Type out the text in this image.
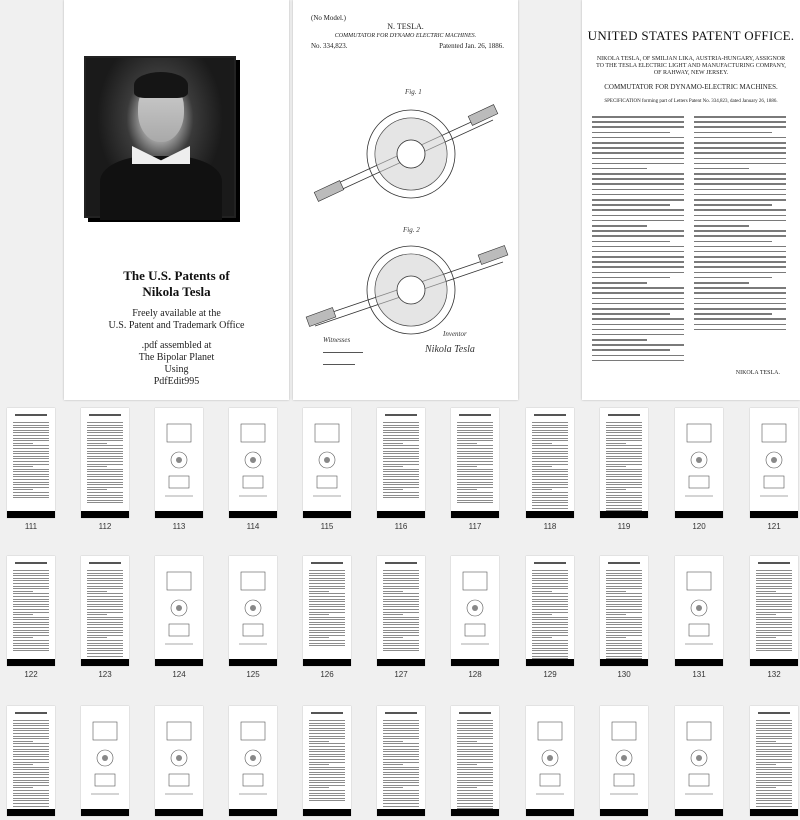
The U.S. Patents of
Nikola Tesla
Freely available at the
U.S. Patent and Trademark Office
.pdf assembled at
The Bipolar Planet
Using
PdfEdit995
(No Model.)
N. TESLA.
COMMUTATOR FOR DYNAMO ELECTRIC MACHINES.
No. 334,823.	Patented Jan. 26, 1886.
Fig. 1
Fig. 2
Witnesses
Inventor
Nikola Tesla
UNITED STATES PATENT OFFICE.
NIKOLA TESLA, OF SMILJAN LIKA, AUSTRIA-HUNGARY, ASSIGNOR TO THE TESLA ELECTRIC LIGHT AND MANUFACTURING COMPANY, OF RAHWAY, NEW JERSEY.
COMMUTATOR FOR DYNAMO-ELECTRIC MACHINES.
SPECIFICATION forming part of Letters Patent No. 334,823, dated January 26, 1886.
NIKOLA TESLA.
111	112	113	114	115	116	117	118	119	120	121
122	123	124	125	126	127	128	129	130	131	132
